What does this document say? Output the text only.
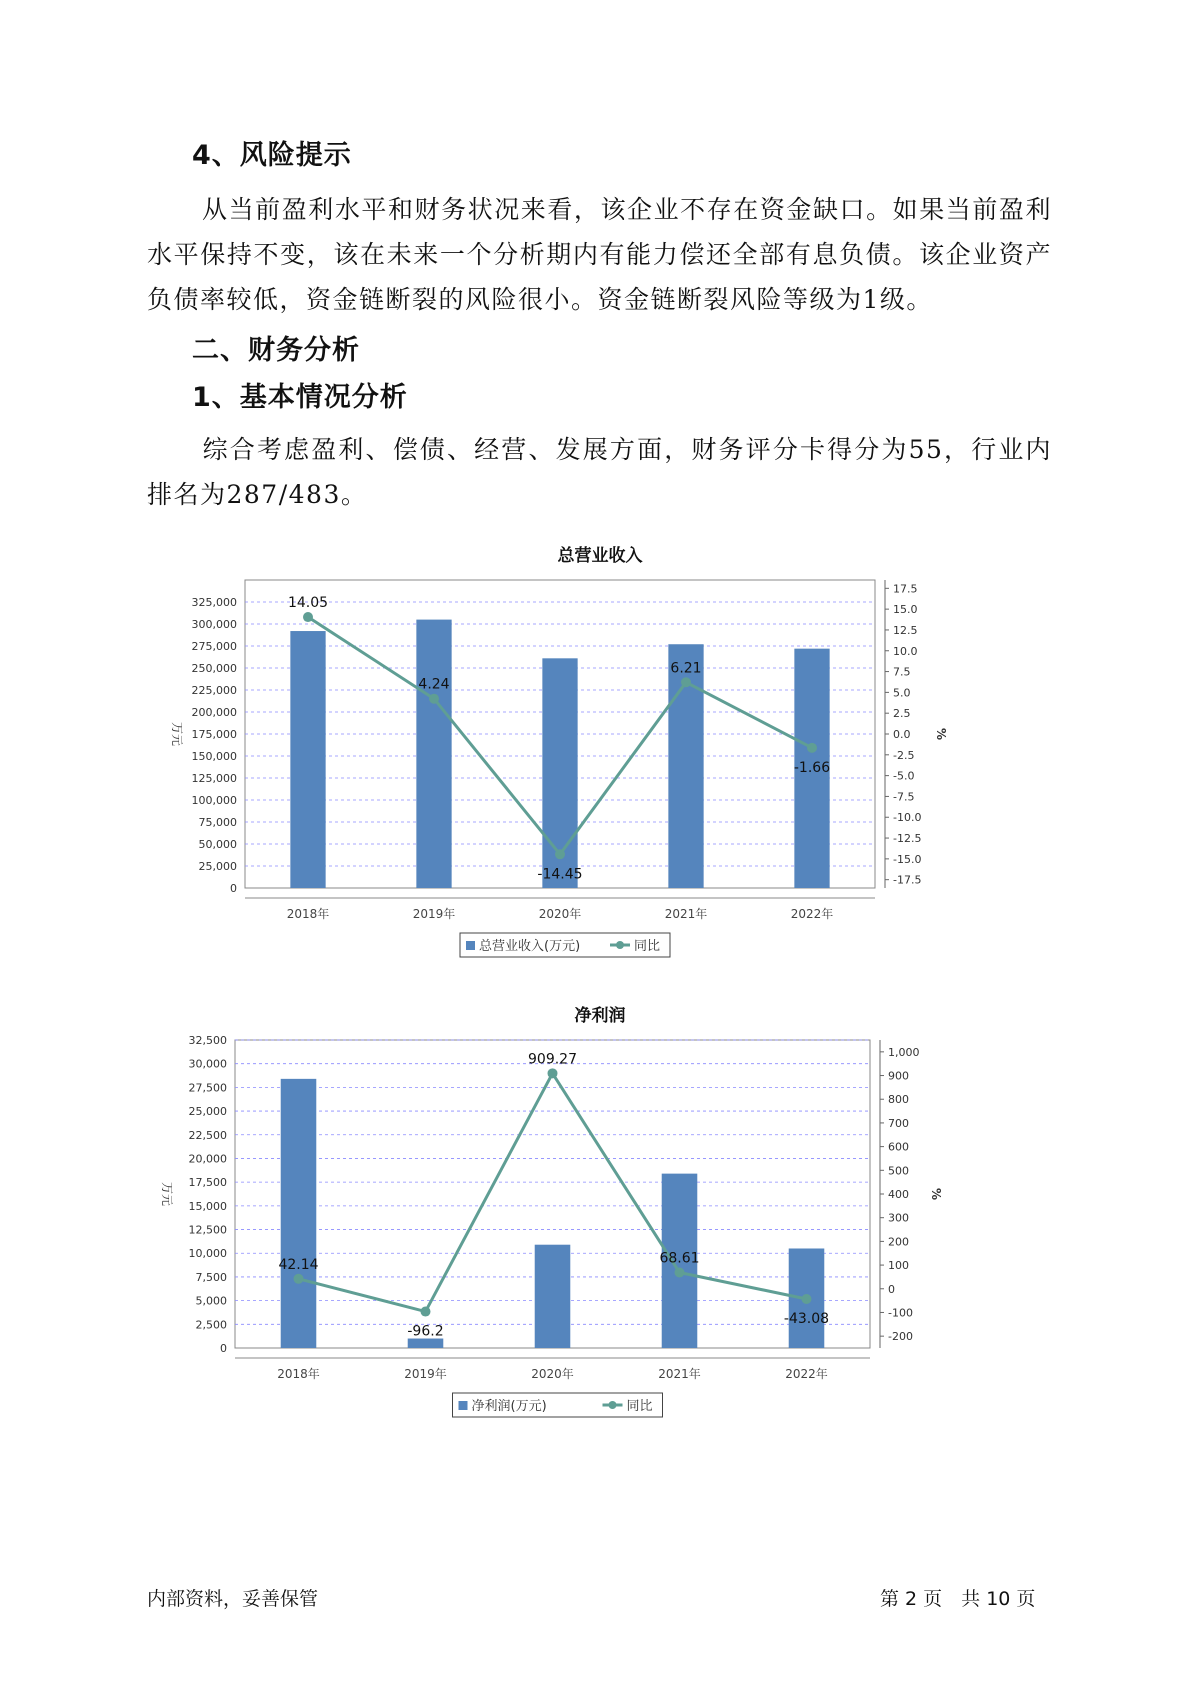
4、风险提示
从当前盈利水平和财务状况来看，该企业不存在资金缺口。如果当前盈利水平保持不变，该在未来一个分析期内有能力偿还全部有息负债。该企业资产负债率较低，资金链断裂的风险很小。资金链断裂风险等级为1级。
二、财务分析
1、基本情况分析
综合考虑盈利、偿债、经营、发展方面，财务评分卡得分为55，行业内排名为287/483。
总营业收入
0
25,000
50,000
75,000
100,000
125,000
150,000
175,000
200,000
225,000
250,000
275,000
300,000
325,000
-17.5
-15.0
-12.5
-10.0
-7.5
-5.0
-2.5
0.0
2.5
5.0
7.5
10.0
12.5
15.0
17.5
万元	%
2018年	2019年	2020年	2021年	2022年
14.05
4.24
-14.45
6.21
-1.66
总营业收入(万元)	同比
净利润
0
2,500
5,000
7,500
10,000
12,500
15,000
17,500
20,000
22,500
25,000
27,500
30,000
32,500
-200
-100
0
100
200
300
400
500
600
700
800
900
1,000
万元	%
2018年	2019年	2020年	2021年	2022年
42.14
-96.2
909.27
68.61
-43.08
净利润(万元)	同比
内部资料，妥善保管	第 2 页　共 10 页
